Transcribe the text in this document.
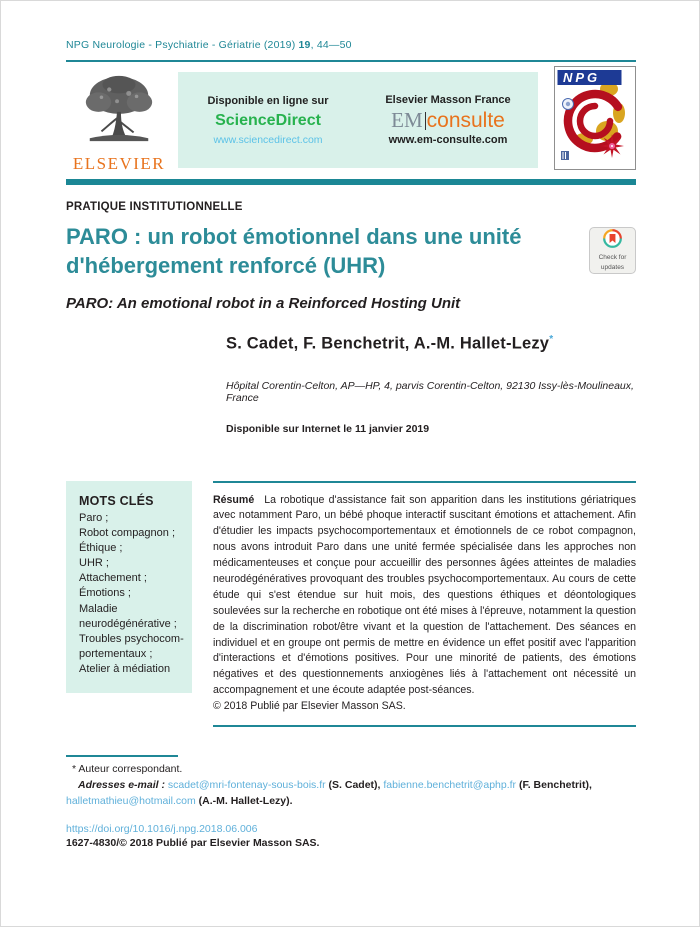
NPG Neurologie - Psychiatrie - Gériatrie (2019) 19, 44—50
ELSEVIER
Disponible en ligne sur
ScienceDirect
www.sciencedirect.com
Elsevier Masson France
EM consulte
www.em-consulte.com
NPG
PRATIQUE INSTITUTIONNELLE
PARO : un robot émotionnel dans une unité d'hébergement renforcé (UHR)	Check for
updates
PARO: An emotional robot in a Reinforced Hosting Unit
S. Cadet, F. Benchetrit, A.-M. Hallet-Lezy*
Hôpital Corentin-Celton, AP—HP, 4, parvis Corentin-Celton, 92130 Issy-lès-Moulineaux, France
Disponible sur Internet le 11 janvier 2019
MOTS CLÉS
Paro ;
Robot compagnon ;
Éthique ;
UHR ;
Attachement ;
Émotions ;
Maladie neurodégénérative ;
Troubles psychocom-portementaux ;
Atelier à médiation

Résumé La robotique d'assistance fait son apparition dans les institutions gériatriques avec notamment Paro, un bébé phoque interactif suscitant émotions et attachement. Afin d'étudier les impacts psychocomportementaux et émotionnels de ce robot compagnon, nous avons introduit Paro dans une unité fermée spécialisée dans les approches non médicamenteuses et conçue pour accueillir des personnes âgées atteintes de maladies neurodégénératives provoquant des troubles psychocomportementaux. Au cours de cette étude qui s'est étendue sur huit mois, des questions éthiques et déontologiques soulevées sur la recherche en robotique ont été mises à l'épreuve, notamment la question de la discrimination robot/être vivant et la question de l'attachement. Des séances en individuel et en groupe ont permis de mettre en évidence un effet positif avec l'apparition d'interactions et d'émotions positives. Pour une minorité de patients, des émotions négatives et des questionnements anxiogènes liés à l'attachement ont nécessité un accompagnement et une écoute adaptée post-séances.

© 2018 Publié par Elsevier Masson SAS.
* Auteur correspondant.

Adresses e-mail : scadet@mri-fontenay-sous-bois.fr (S. Cadet), fabienne.benchetrit@aphp.fr (F. Benchetrit), halletmathieu@hotmail.com (A.-M. Hallet-Lezy).

https://doi.org/10.1016/j.npg.2018.06.006
1627-4830/© 2018 Publié par Elsevier Masson SAS.
